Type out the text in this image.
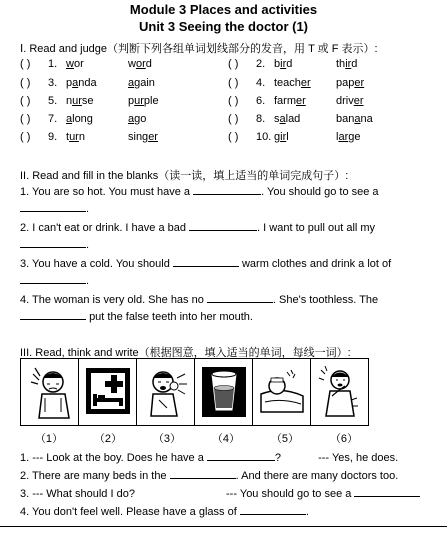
Module 3 Places and activities
Unit 3 Seeing the doctor (1)
Ⅰ. Read and judge（判断下列各组单词划线部分的发音，用 T 或 F 表示）:
( ) 1. wor	word
( ) 3. panda	again
( ) 5. nurse	purple
( ) 7. along	ago
( ) 9. turn	singer
( ) 2. bird	third
( ) 4. teacher paper
( ) 6. farmer	driver
( ) 8. salad	banana
( ) 10. girl	large
II. Read and fill in the blanks（读一读，填上适当的单词完成句子）:
1. You are so hot. You must have a	. You should go to see a
.
2. I can't eat or drink. I have a bad	. I want to pull out all my
.
3. You have a cold. You should	warm clothes and drink a lot of
.
4. The woman is very old. She has no	. She's toothless. The
put the false teeth into her mouth.
III. Read, think and write（根据图意，填入适当的单词，每线一词）:

（1）	（2）	（3）	（4）	（5）	（6）
1. --- Look at the boy. Does he have a	?	--- Yes, he does.
2. There are many beds in the	. And there are many doctors too.
3. --- What should I do?	--- You should go to see a
4. You don't feel well. Please have a glass of	.
